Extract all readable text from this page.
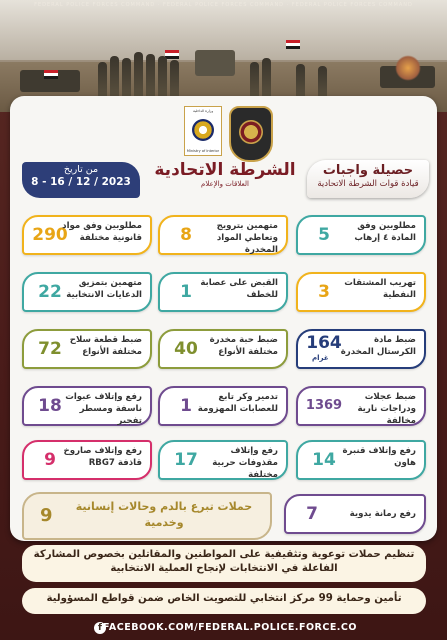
FEDERAL POLICE FORCES COMMAND · FEDERAL POLICE FORCES COMMAND · FEDERAL POLICE FORCES COMMAND
وزارة الداخلية
Ministry of Interior
حصيلة واجبات
قيادة قوات الشرطة الاتحادية
الشرطة الاتحادية
العلاقات والإعلام
من تاريخ
8 - 16 / 12 / 2023
5	مطلوبين وفق المادة ٤ إرهاب
8	متهمين بترويج وتعاطي المواد المخدرة
290
مطلوبين وفق مواد قانونية مختلفة
3	تهريب المشتقات النفطية
1 القبض على عصابة للخطف
22	متهمين بتمزيق الدعايات الانتخابية
164
غرام
ضبط مادة الكرستال المخدرة
40	ضبط حبة مخدرة مختلفة الأنواع
72 ضبط قطعة سلاح مختلفة الأنواع
1369
ضبط عجلات ودراجات نارية مخالفة
1	تدمير وكر تابع للعصابات المهزومة
18 رفع وإتلاف عبوات ناسفة ومسطر تفجير
14 رفع وإتلاف قنبرة هاون
17	رفع وإتلاف مقذوفات حربية مختلفة
9 رفع وإتلاف صاروخ قاذفة RBG7
7	رفع رمانة يدوية
9 حملات تبرع بالدم وحالات إنسانية وخدمية
تنظيم حملات توعوية وتثقيفية على المواطنين والمقاتلين بخصوص المشاركة الفاعلة في الانتخابات لإنجاح العملية الانتخابية
تأمين وحماية 99 مركز انتخابي للتصويت الخاص ضمن قواطع المسؤولية
f FACEBOOK.COM/FEDERAL.POLICE.FORCE.CO
